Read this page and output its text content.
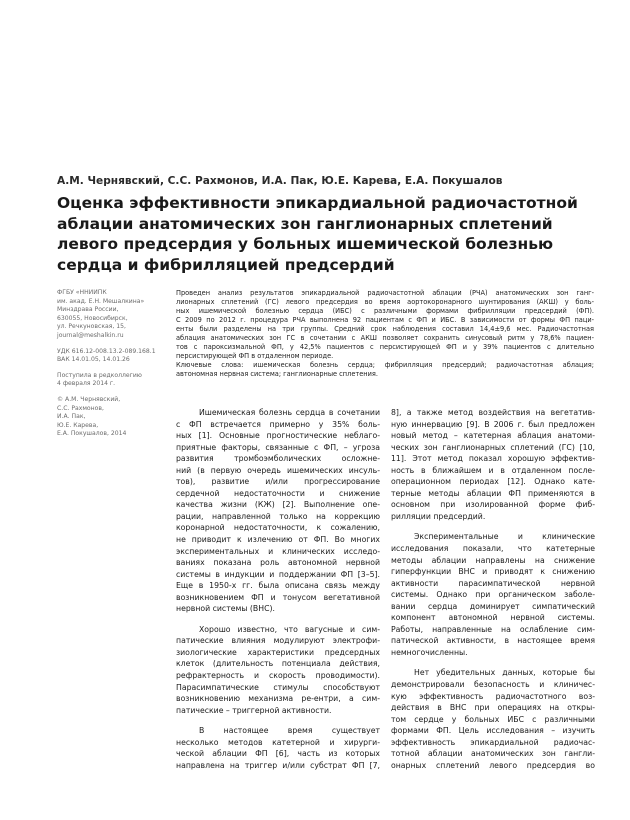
А.М. Чернявский, С.С. Рахмонов, И.А. Пак, Ю.Е. Карева, Е.А. Покушалов
Оценка эффективности эпикардиальной радиочастотной
аблации анатомических зон ганглионарных сплетений
левого предсердия у больных ишемической болезнью
сердца и фибрилляцией предсердий
ФГБУ «ННИИПК
им. акад. Е.Н. Мешалкина»
Минздрава России,
630055, Новосибирск,
ул. Речкуновская, 15,
journal@meshalkin.ru
УДК 616.12-008.13.2-089.168.1
ВАК 14.01.05, 14.01.26
Поступила в редколлегию
4 февраля 2014 г.
© А.М. Чернявский,
С.С. Рахмонов,
И.А. Пак,
Ю.Е. Карева,
Е.А. Покушалов, 2014
Проведен анализ результатов эпикардиальной радиочастотной аблации (РЧА) анатомических зон ганг-
лионарных сплетений (ГС) левого предсердия во время аортокоронарного шунтирования (АКШ) у боль-
ных ишемической болезнью сердца (ИБС) с различными формами фибрилляции предсердий (ФП).
С 2009 по 2012 г. процедура РЧА выполнена 92 пациентам с ФП и ИБС. В зависимости от формы ФП паци-
енты были разделены на три группы. Средний срок наблюдения составил 14,4±9,6 мес. Радиочастотная
аблация анатомических зон ГС в сочетании с АКШ позволяет сохранить синусовый ритм у 78,6% пациен-
тов с пароксизмальной ФП, у 42,5% пациентов с персистирующей ФП и у 39% пациентов с длительно
персистирующей ФП в отдаленном периоде.
Ключевые слова: ишемическая болезнь сердца; фибрилляция предсердий; радиочастотная аблация;
автономная нервная система; ганглионарные сплетения.
Ишемическая болезнь сердца в сочетании с ФП встречается примерно у 35% боль-
ных [1]. Основные прогностические неблаго-
приятные факторы, связанные с ФП, – угроза
развития тромбоэмболических осложне-
ний (в первую очередь ишемических инсуль-
тов), развитие и/или прогрессирование
сердечной недостаточности и снижение
качества жизни (КЖ) [2]. Выполнение опе-
рации, направленной только на коррекцию
коронарной недостаточности, к сожалению,
не приводит к излечению от ФП. Во многих
экспериментальных и клинических исследо-
ваниях показана роль автономной нервной
системы в индукции и поддержании ФП [3–5].
Еще в 1950-х гг. была описана связь между
возникновением ФП и тонусом вегетативной
нервной системы (ВНС).
Хорошо известно, что вагусные и сим-
патические влияния модулируют электрофи-
зиологические характеристики предсердных
клеток (длительность потенциала действия,
рефрактерность и скорость проводимости).
Парасимпатические стимулы способствуют
возникновению механизма ре-ентри, а сим-
патические – триггерной активности.
В настоящее время существует
несколько методов катетерной и хирурги-
ческой аблации ФП [6], часть из которых
направлена на триггер и/или субстрат ФП [7,
8], а также метод воздействия на вегетатив-
ную иннервацию [9]. В 2006 г. был предложен
новый метод – катетерная аблация анатоми-
ческих зон ганглионарных сплетений (ГС) [10,
11]. Этот метод показал хорошую эффектив-
ность в ближайшем и в отдаленном после-
операционном периодах [12]. Однако кате-
терные методы аблации ФП применяются в
основном при изолированной форме фиб-
рилляции предсердий.
Экспериментальные и клинические
исследования показали, что катетерные
методы аблации направлены на снижение
гиперфункции ВНС и приводят к снижению
активности парасимпатической нервной
системы. Однако при органическом заболе-
вании сердца доминирует симпатический
компонент автономной нервной системы.
Работы, направленные на ослабление сим-
патической активности, в настоящее время
немногочисленны.
Нет убедительных данных, которые бы
демонстрировали безопасность и клиничес-
кую эффективность радиочастотного воз-
действия в ВНС при операциях на откры-
том сердце у больных ИБС с различными
формами ФП. Цель исследования – изучить
эффективность эпикардиальной радиочас-
тотной аблации анатомических зон гангли-
онарных сплетений левого предсердия во
